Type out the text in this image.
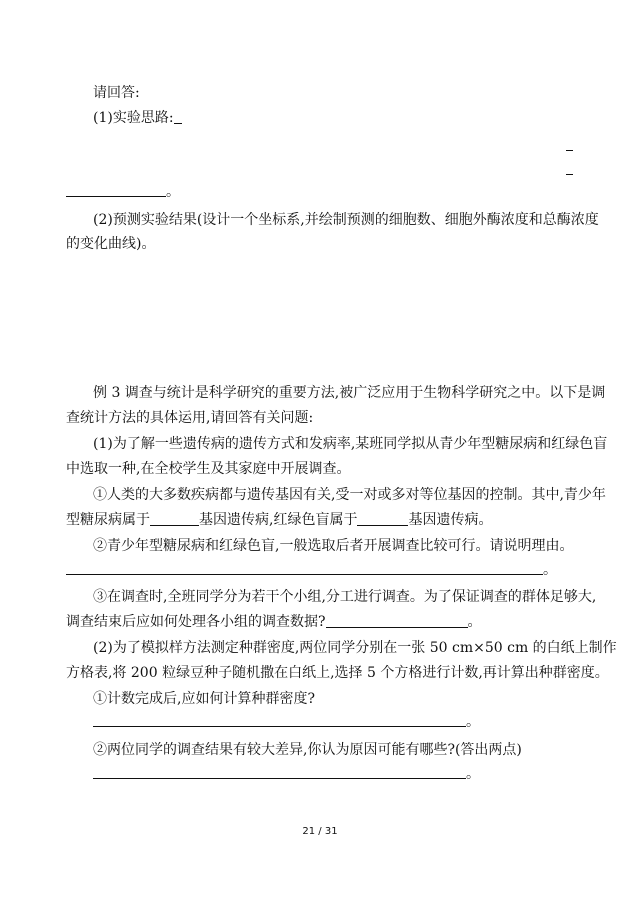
请回答:
(1)实验思路:
。
(2)预测实验结果(设计一个坐标系,并绘制预测的细胞数、细胞外酶浓度和总酶浓度
的变化曲线)。
例 3 调查与统计是科学研究的重要方法,被广泛应用于生物科学研究之中。以下是调
查统计方法的具体运用,请回答有关问题:
(1)为了解一些遗传病的遗传方式和发病率,某班同学拟从青少年型糖尿病和红绿色盲
中选取一种,在全校学生及其家庭中开展调查。
①人类的大多数疾病都与遗传基因有关,受一对或多对等位基因的控制。其中,青少年
型糖尿病属于	基因遗传病,红绿色盲属于	基因遗传病。
②青少年型糖尿病和红绿色盲,一般选取后者开展调查比较可行。请说明理由。
。
③在调查时,全班同学分为若干个小组,分工进行调查。为了保证调查的群体足够大,
调查结束后应如何处理各小组的调查数据?	。
(2)为了模拟样方法测定种群密度,两位同学分别在一张 50 cm×50 cm 的白纸上制作
方格表,将 200 粒绿豆种子随机撒在白纸上,选择 5 个方格进行计数,再计算出种群密度。
①计数完成后,应如何计算种群密度?
。
②两位同学的调查结果有较大差异,你认为原因可能有哪些?(答出两点)
。
21 / 31
